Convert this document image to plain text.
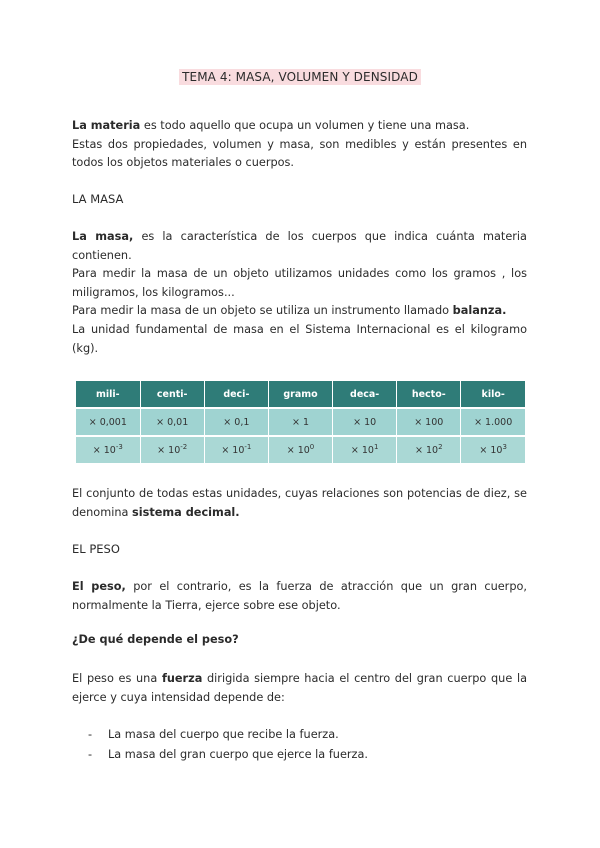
TEMA 4: MASA, VOLUMEN Y DENSIDAD

La materia es todo aquello que ocupa un volumen y tiene una masa.
Estas dos propiedades, volumen y masa, son medibles y están presentes en todos los objetos materiales o cuerpos.

LA MASA

La masa, es la característica de los cuerpos que indica cuánta materia contienen.
Para medir la masa de un objeto utilizamos unidades como los gramos , los miligramos, los kilogramos...
Para medir la masa de un objeto se utiliza un instrumento llamado balanza.
La unidad fundamental de masa en el Sistema Internacional es el kilogramo (kg).

mili-	centi-	deci-	gramo	deca-	hecto-	kilo-
× 0,001	× 0,01	× 0,1	× 1	× 10	× 100	× 1.000
× $10^{-3}$	× $10^{-2}$	× $10^{-1}$	× $10^0$	× $10^1$	× $10^2$	× $10^3$

El conjunto de todas estas unidades, cuyas relaciones son potencias de diez, se denomina sistema decimal.

EL PESO

El peso, por el contrario, es la fuerza de atracción que un gran cuerpo, normalmente la Tierra, ejerce sobre ese objeto.

¿De qué depende el peso?

El peso es una fuerza dirigida siempre hacia el centro del gran cuerpo que la ejerce y cuya intensidad depende de:

- La masa del cuerpo que recibe la fuerza.
- La masa del gran cuerpo que ejerce la fuerza.
